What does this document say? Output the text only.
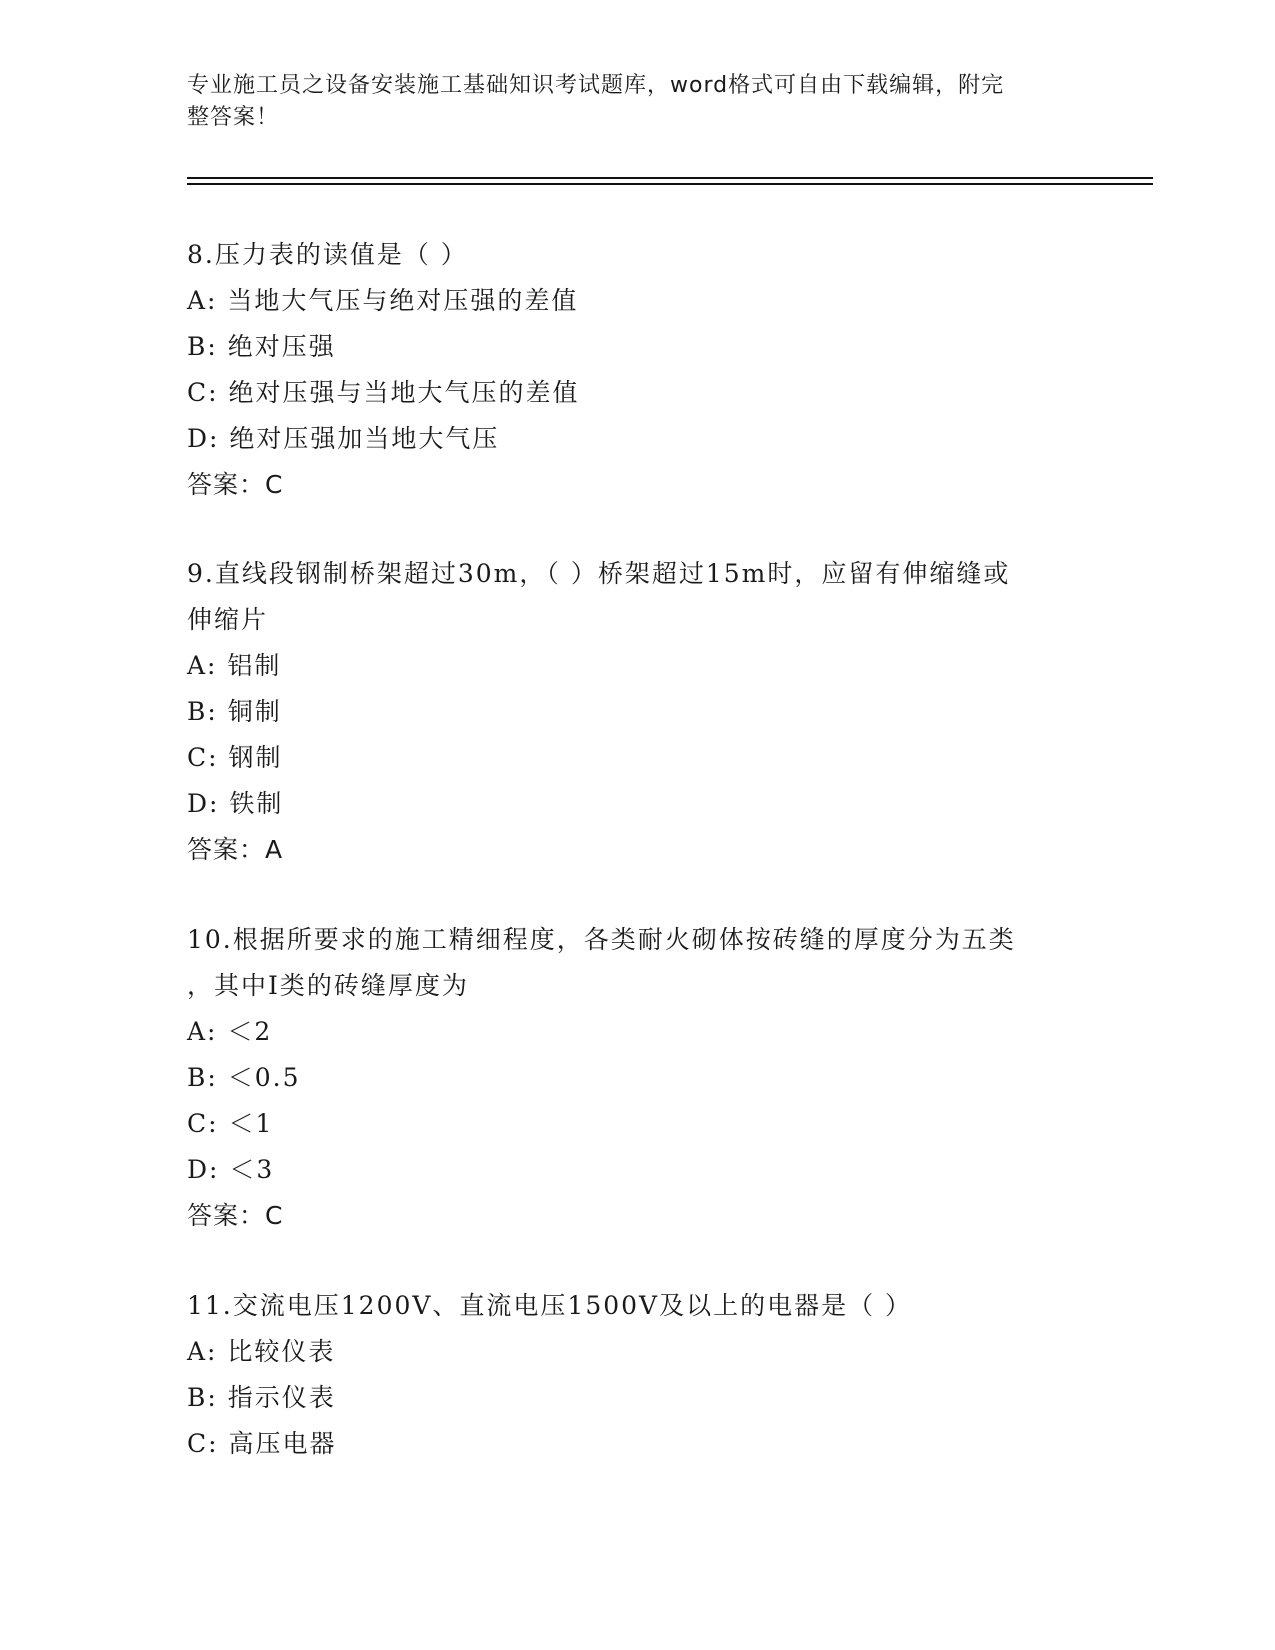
专业施工员之设备安装施工基础知识考试题库，word格式可自由下载编辑，附完
整答案！
8.压力表的读值是（ ）
A: 当地大气压与绝对压强的差值
B: 绝对压强
C: 绝对压强与当地大气压的差值
D: 绝对压强加当地大气压
答案：C
9.直线段钢制桥架超过30m，（ ）桥架超过15m时，应留有伸缩缝或
伸缩片
A: 铝制
B: 铜制
C: 钢制
D: 铁制
答案：A
10.根据所要求的施工精细程度，各类耐火砌体按砖缝的厚度分为五类
，其中Ⅰ类的砖缝厚度为
A: ＜2
B: ＜0.5
C: ＜1
D: ＜3
答案：C
11.交流电压1200V、直流电压1500V及以上的电器是（ ）
A: 比较仪表
B: 指示仪表
C: 高压电器
